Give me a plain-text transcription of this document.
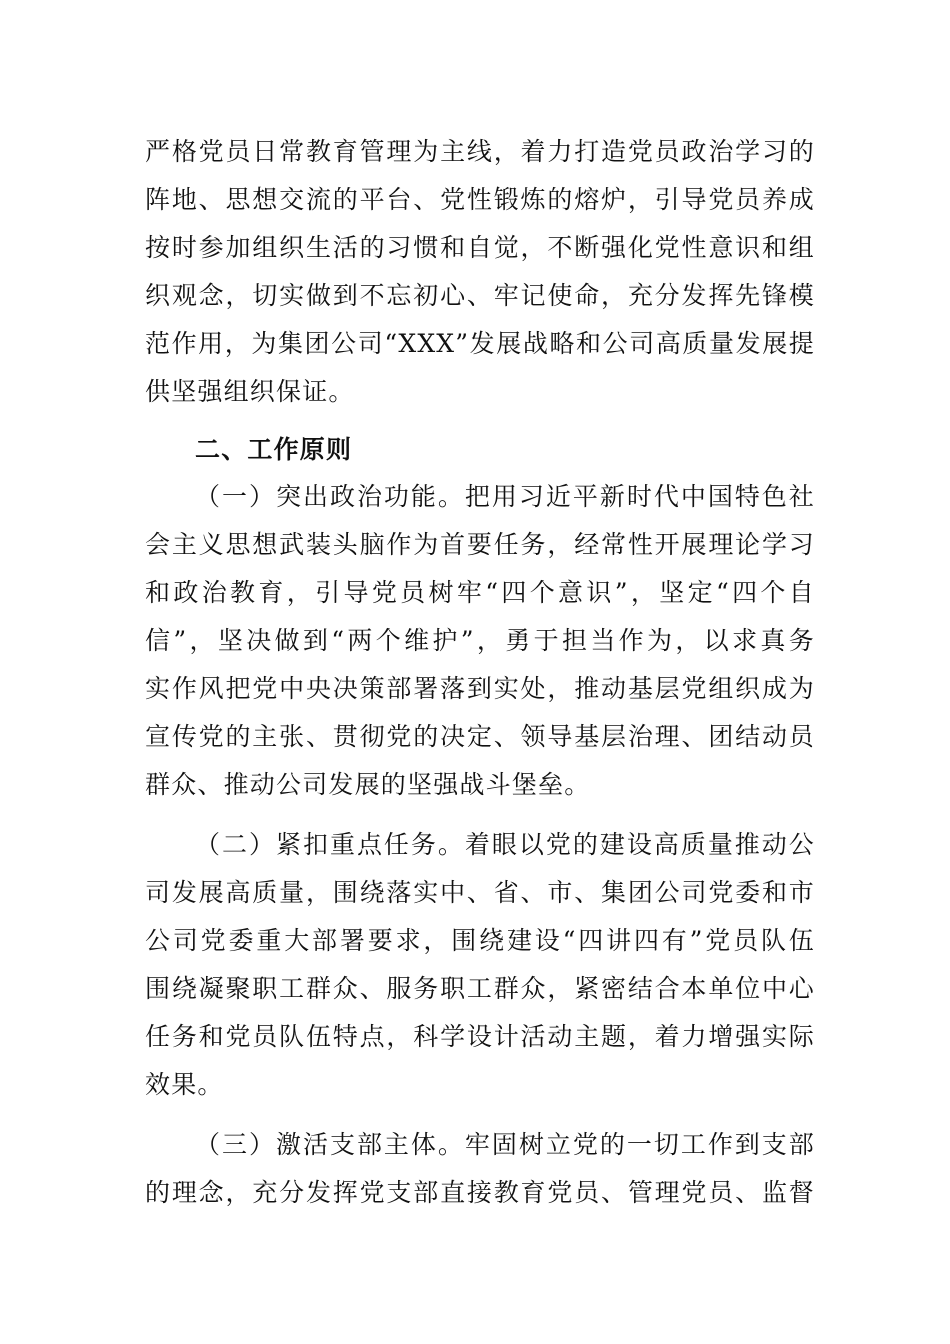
严格党员日常教育管理为主线，着力打造党员政治学习的
阵地、思想交流的平台、党性锻炼的熔炉，引导党员养成
按时参加组织生活的习惯和自觉，不断强化党性意识和组
织观念，切实做到不忘初心、牢记使命，充分发挥先锋模
范作用，为集团公司“XXX”发展战略和公司高质量发展提
供坚强组织保证。
二、工作原则
（一）突出政治功能。把用习近平新时代中国特色社
会主义思想武装头脑作为首要任务，经常性开展理论学习
和政治教育，引导党员树牢“四个意识”，坚定“四个自
信”，坚决做到“两个维护”，勇于担当作为，以求真务
实作风把党中央决策部署落到实处，推动基层党组织成为
宣传党的主张、贯彻党的决定、领导基层治理、团结动员
群众、推动公司发展的坚强战斗堡垒。
（二）紧扣重点任务。着眼以党的建设高质量推动公
司发展高质量，围绕落实中、省、市、集团公司党委和市
公司党委重大部署要求，围绕建设“四讲四有”党员队伍
围绕凝聚职工群众、服务职工群众，紧密结合本单位中心
任务和党员队伍特点，科学设计活动主题，着力增强实际
效果。
（三）激活支部主体。牢固树立党的一切工作到支部
的理念，充分发挥党支部直接教育党员、管理党员、监督
